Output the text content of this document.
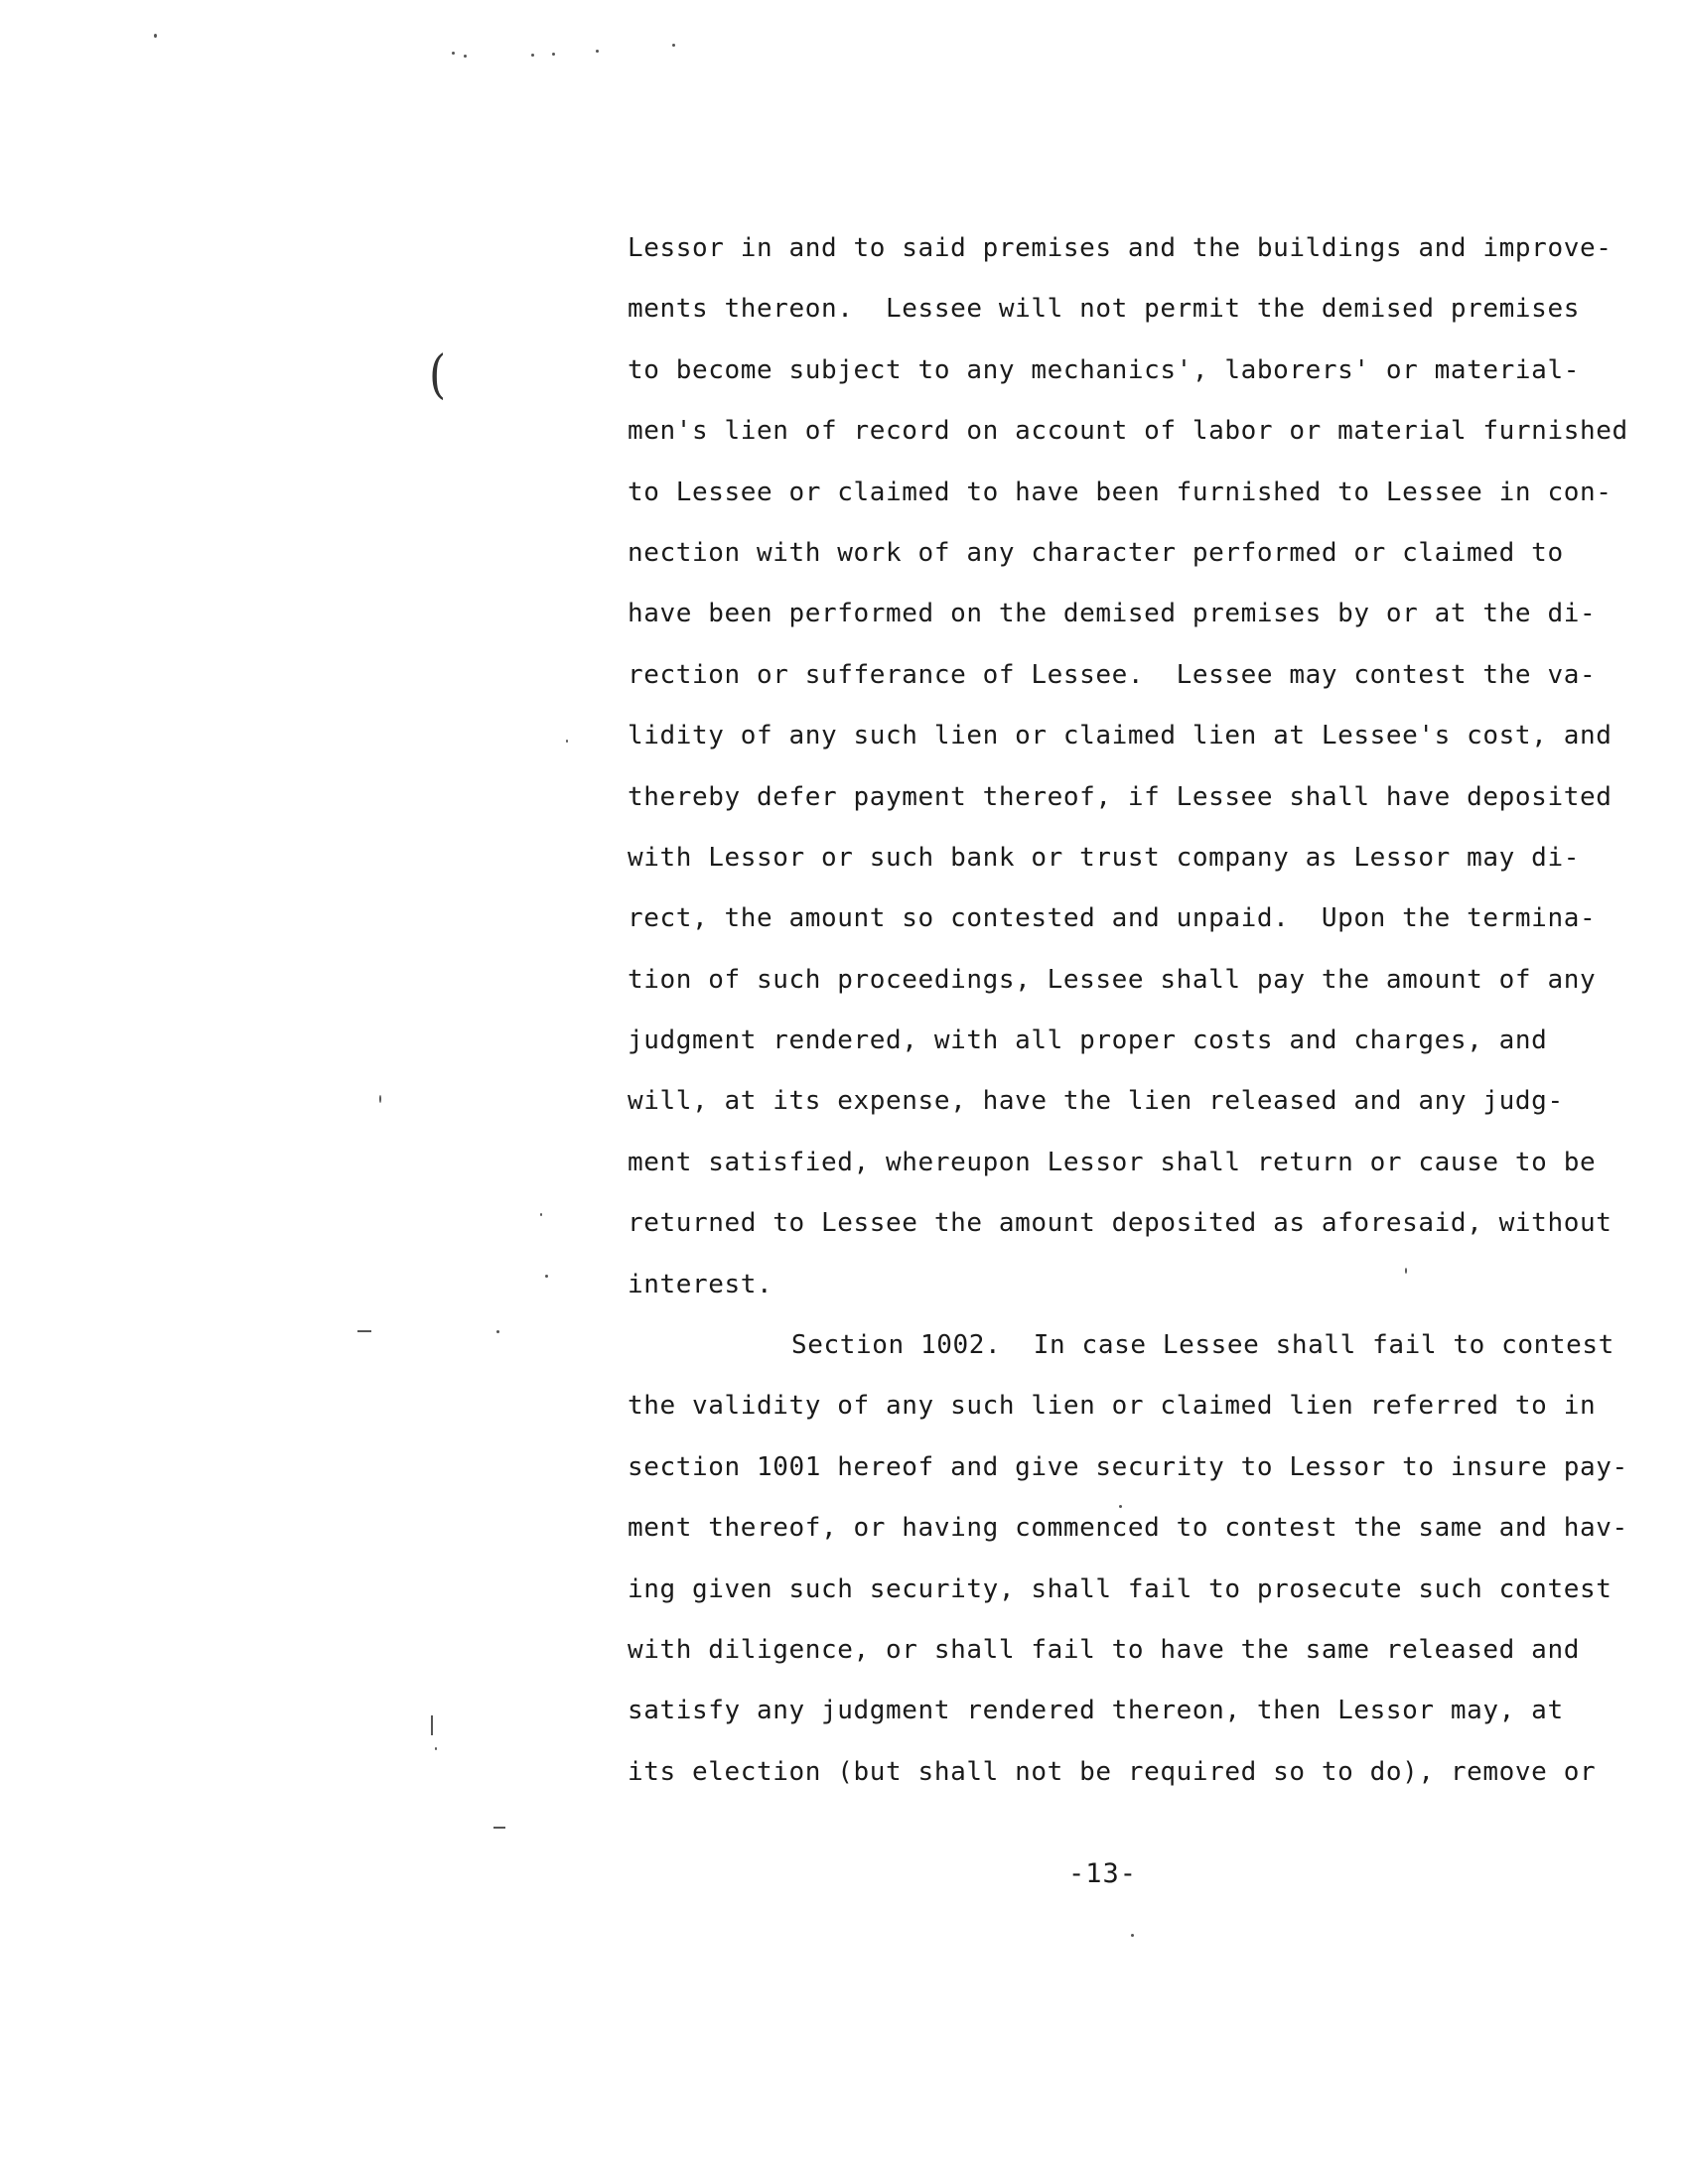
(
Lessor in and to said premises and the buildings and improve-
ments thereon.  Lessee will not permit the demised premises
to become subject to any mechanics', laborers' or material-
men's lien of record on account of labor or material furnished
to Lessee or claimed to have been furnished to Lessee in con-
nection with work of any character performed or claimed to
have been performed on the demised premises by or at the di-
rection or sufferance of Lessee.  Lessee may contest the va-
lidity of any such lien or claimed lien at Lessee's cost, and
thereby defer payment thereof, if Lessee shall have deposited
with Lessor or such bank or trust company as Lessor may di-
rect, the amount so contested and unpaid.  Upon the termina-
tion of such proceedings, Lessee shall pay the amount of any
judgment rendered, with all proper costs and charges, and
will, at its expense, have the lien released and any judg-
ment satisfied, whereupon Lessor shall return or cause to be
returned to Lessee the amount deposited as aforesaid, without
interest.
Section 1002.  In case Lessee shall fail to contest
the validity of any such lien or claimed lien referred to in
section 1001 hereof and give security to Lessor to insure pay-
ment thereof, or having commenced to contest the same and hav-
ing given such security, shall fail to prosecute such contest
with diligence, or shall fail to have the same released and
satisfy any judgment rendered thereon, then Lessor may, at
its election (but shall not be required so to do), remove or
-13-
